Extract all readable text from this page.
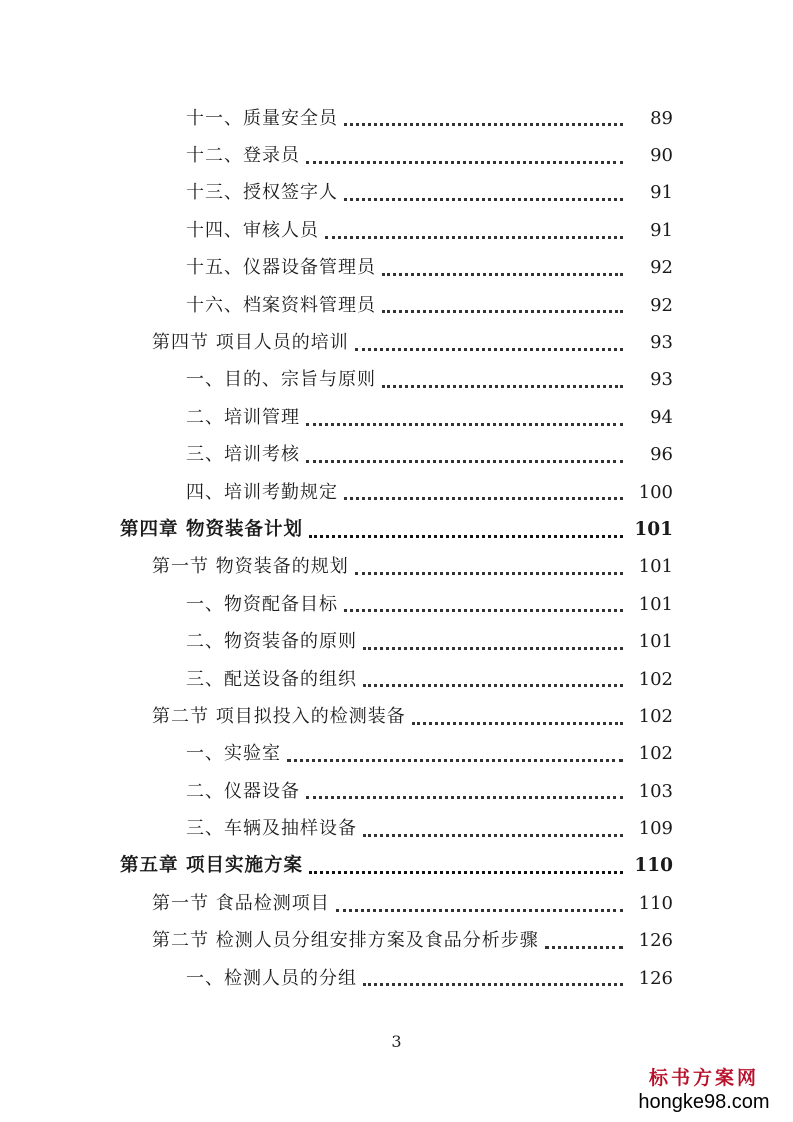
十一、质量安全员	89
十二、登录员	90
十三、授权签字人	91
十四、审核人员	91
十五、仪器设备管理员	92
十六、档案资料管理员	92
第四节 项目人员的培训	93
一、目的、宗旨与原则	93
二、培训管理	94
三、培训考核	96
四、培训考勤规定	100
第四章 物资装备计划	101
第一节 物资装备的规划	101
一、物资配备目标	101
二、物资装备的原则	101
三、配送设备的组织	102
第二节 项目拟投入的检测装备	102
一、实验室	102
二、仪器设备	103
三、车辆及抽样设备	109
第五章 项目实施方案	110
第一节 食品检测项目	110
第二节 检测人员分组安排方案及食品分析步骤	126
一、检测人员的分组	126
3
标书方案网
hongke98.com
